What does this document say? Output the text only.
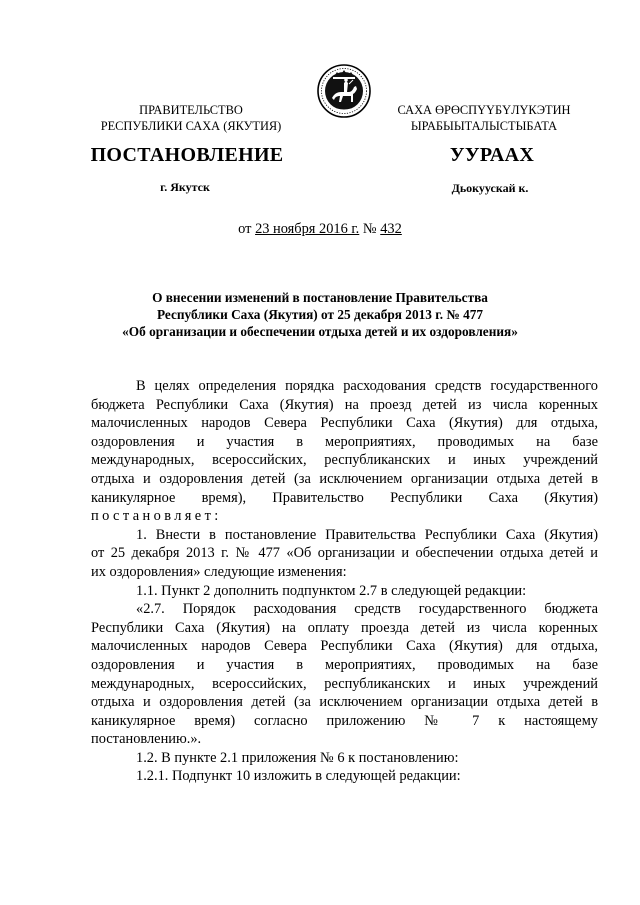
ПРАВИТЕЛЬСТВО
РЕСПУБЛИКИ САХА (ЯКУТИЯ)
САХА ӨРӨСПҮҮБҮЛҮКЭТИН
ЫРАБЫЫТАЛЫСТЫБАТА
ПОСТАНОВЛЕНИЕ	УУРААХ
г. Якутск	Дьокуускай к.
от 23 ноября 2016 г. № 432
О внесении изменений в постановление Правительства
Республики Саха (Якутия) от 25 декабря 2013 г. № 477
«Об организации и обеспечении отдыха детей и их оздоровления»

В целях определения порядка расходования средств государственного

бюджета Республики Саха (Якутия) на проезд детей из числа коренных

малочисленных народов Севера Республики Саха (Якутия) для отдыха,

оздоровления и участия в мероприятиях, проводимых на базе

международных, всероссийских, республиканских и иных учреждений

отдыха и оздоровления детей (за исключением организации отдыха детей в

каникулярное время), Правительство Республики Саха (Якутия)

постановляет:

1. Внести в постановление Правительства Республики Саха (Якутия)

от 25 декабря 2013 г. № 477 «Об организации и обеспечении отдыха детей и

их оздоровления» следующие изменения:

1.1. Пункт 2 дополнить подпунктом 2.7 в следующей редакции:

«2.7. Порядок расходования средств государственного бюджета

Республики Саха (Якутия) на оплату проезда детей из числа коренных

малочисленных народов Севера Республики Саха (Якутия) для отдыха,

оздоровления и участия в мероприятиях, проводимых на базе

международных, всероссийских, республиканских и иных учреждений

отдыха и оздоровления детей (за исключением организации отдыха детей в

каникулярное время) согласно приложению № 7 к настоящему

постановлению.».

1.2. В пункте 2.1 приложения № 6 к постановлению:

1.2.1. Подпункт 10 изложить в следующей редакции:
